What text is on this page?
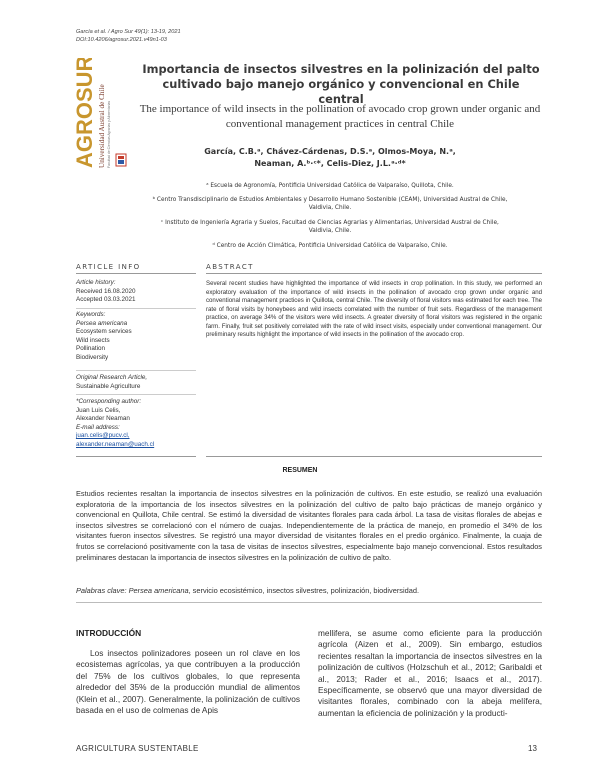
García et al. / Agro Sur 49(1): 13-19, 2021
DOI:10.4206/agrosur.2021.v49n1-03
AGROSUR Universidad Austral de Chile Facultad de Ciencias Agrarias y Alimentarias
Importancia de insectos silvestres en la polinización del palto cultivado bajo manejo orgánico y convencional en Chile central
The importance of wild insects in the pollination of avocado crop grown under organic and conventional management practices in central Chile
García, C.B.ᵃ, Chávez-Cárdenas, D.S.ᵃ, Olmos-Moya, N.ᵃ,
Neaman, A.ᵇ·ᶜ*, Celis-Diez, J.L.ᵃ·ᵈ*
ᵃ Escuela de Agronomía, Pontificia Universidad Católica de Valparaíso, Quillota, Chile.
ᵇ Centro Transdisciplinario de Estudios Ambientales y Desarrollo Humano Sostenible (CEAM), Universidad Austral de Chile, Valdivia, Chile.
ᶜ Instituto de Ingeniería Agraria y Suelos, Facultad de Ciencias Agrarias y Alimentarias, Universidad Austral de Chile, Valdivia, Chile.
ᵈ Centro de Acción Climática, Pontificia Universidad Católica de Valparaíso, Chile.
ARTICLE INFO	ABSTRACT
Article history:
Received 16.08.2020
Accepted 03.03.2021
Keywords:
Persea americana
Ecosystem services
Wild insects
Pollination
Biodiversity
Original Research Article,
Sustainable Agriculture
*Corresponding author:
Juan Luis Celis,
Alexander Neaman
E-mail address:
juan.celis@pucv.cl,
alexander.neaman@uach.cl
Several recent studies have highlighted the importance of wild insects in crop pollination. In this study, we performed an exploratory evaluation of the importance of wild insects in the pollination of avocado crop grown under organic and conventional management practices in Quillota, central Chile. The diversity of floral visitors was estimated for each tree. The rate of floral visits by honeybees and wild insects correlated with the number of fruit sets. Regardless of the management practice, on average 34% of the visitors were wild insects. A greater diversity of floral visitors was registered in the organic farm. Finally, fruit set positively correlated with the rate of wild insect visits, especially under conventional management. Our preliminary results highlight the importance of wild insects in the pollination of the avocado crop.
RESUMEN
Estudios recientes resaltan la importancia de insectos silvestres en la polinización de cultivos. En este estudio, se realizó una evaluación exploratoria de la importancia de los insectos silvestres en la polinización del cultivo de palto bajo prácticas de manejo orgánico y convencional en Quillota, Chile central. Se estimó la diversidad de visitantes florales para cada árbol. La tasa de visitas florales de abejas e insectos silvestres se correlacionó con el número de cuajas. Independientemente de la práctica de manejo, en promedio el 34% de los visitantes fueron insectos silvestres. Se registró una mayor diversidad de visitantes florales en el predio orgánico. Finalmente, la cuaja de frutos se correlacionó positivamente con la tasa de visitas de insectos silvestres, especialmente bajo manejo convencional. Estos resultados preliminares destacan la importancia de insectos silvestres en la polinización de cultivo de palto.
Palabras clave: Persea americana, servicio ecosistémico, insectos silvestres, polinización, biodiversidad.
INTRODUCCIÓN
Los insectos polinizadores poseen un rol clave en los ecosistemas agrícolas, ya que contribuyen a la producción del 75% de los cultivos globales, lo que representa alrededor del 35% de la producción mundial de alimentos (Klein et al., 2007). Generalmente, la polinización de cultivos basada en el uso de colmenas de Apis
mellifera, se asume como eficiente para la producción agrícola (Aizen et al., 2009). Sin embargo, estudios recientes resaltan la importancia de insectos silvestres en la polinización de cultivos (Holzschuh et al., 2012; Garibaldi et al., 2013; Rader et al., 2016; Isaacs et al., 2017). Específicamente, se observó que una mayor diversidad de visitantes florales, combinado con la abeja melífera, aumentan la eficiencia de polinización y la producti-
AGRICULTURA SUSTENTABLE	13
